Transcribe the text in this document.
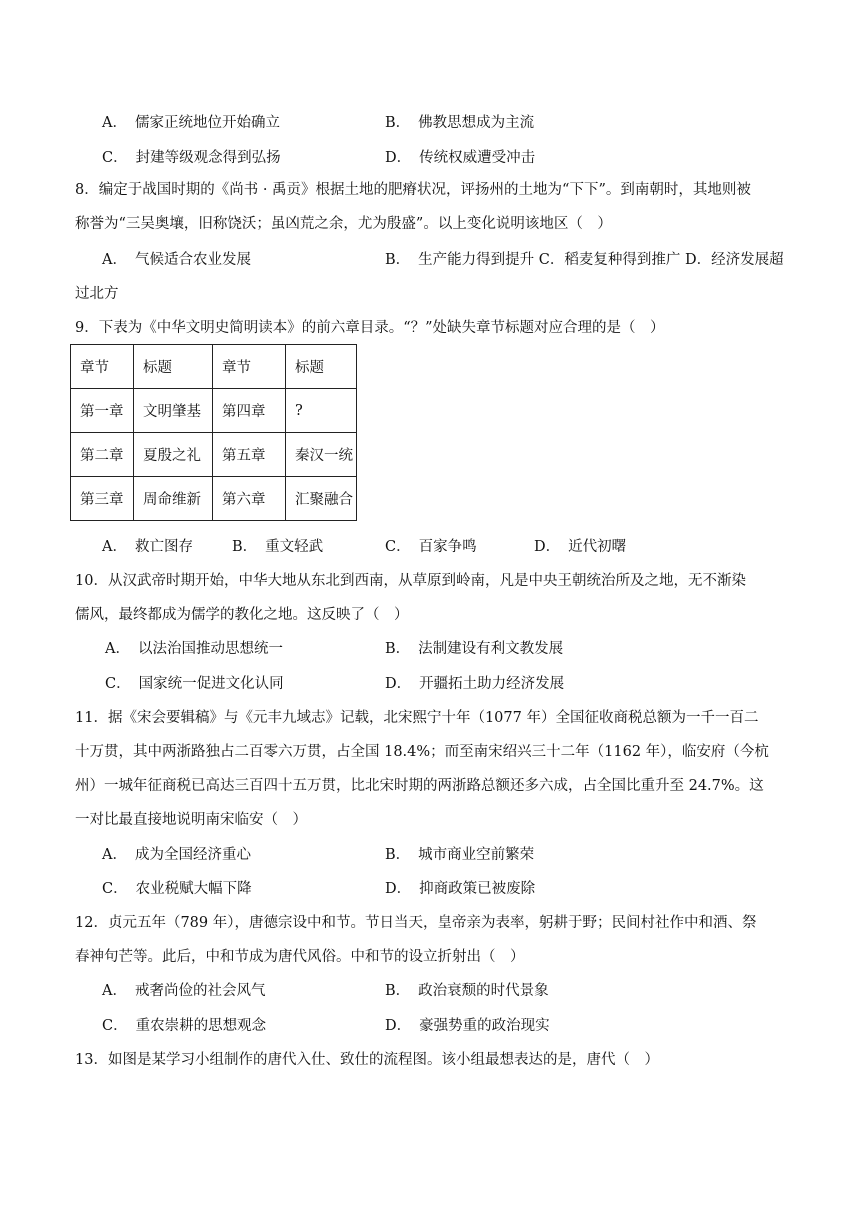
A． 儒家正统地位开始确立	B． 佛教思想成为主流
C． 封建等级观念得到弘扬	D． 传统权威遭受冲击
8．编定于战国时期的《尚书 · 禹贡》根据土地的肥瘠状况，评扬州的土地为“下下”。到南朝时，其地则被
称誉为“三吴奥壤，旧称饶沃；虽凶荒之余，尤为殷盛”。以上变化说明该地区（　）
A． 气候适合农业发展	B． 生产能力得到提升 C．稻麦复种得到推广 D．经济发展超
过北方
9．下表为《中华文明史简明读本》的前六章目录。“？”处缺失章节标题对应合理的是（　）
章节	标题	章节	标题
第一章	文明肇基	第四章	?
第二章	夏殷之礼	第五章	秦汉一统
第三章	周命维新	第六章	汇聚融合
A． 救亡图存	B． 重文轻武	C． 百家争鸣	D． 近代初曙
10．从汉武帝时期开始，中华大地从东北到西南，从草原到岭南，凡是中央王朝统治所及之地，无不渐染
儒风，最终都成为儒学的教化之地。这反映了（　）
A． 以法治国推动思想统一	B． 法制建设有利文教发展
C． 国家统一促进文化认同	D． 开疆拓土助力经济发展
11．据《宋会要辑稿》与《元丰九域志》记载，北宋熙宁十年（1077 年）全国征收商税总额为一千一百二
十万贯，其中两浙路独占二百零六万贯，占全国 18.4%；而至南宋绍兴三十二年（1162 年），临安府（今杭
州）一城年征商税已高达三百四十五万贯，比北宋时期的两浙路总额还多六成，占全国比重升至 24.7%。这
一对比最直接地说明南宋临安（　）
A． 成为全国经济重心	B． 城市商业空前繁荣
C． 农业税赋大幅下降	D． 抑商政策已被废除
12．贞元五年（789 年），唐德宗设中和节。节日当天，皇帝亲为表率，躬耕于野；民间村社作中和酒、祭
春神句芒等。此后，中和节成为唐代风俗。中和节的设立折射出（　）
A． 戒奢尚俭的社会风气	B． 政治衰颓的时代景象
C． 重农崇耕的思想观念	D． 豪强势重的政治现实
13．如图是某学习小组制作的唐代入仕、致仕的流程图。该小组最想表达的是，唐代（　）
